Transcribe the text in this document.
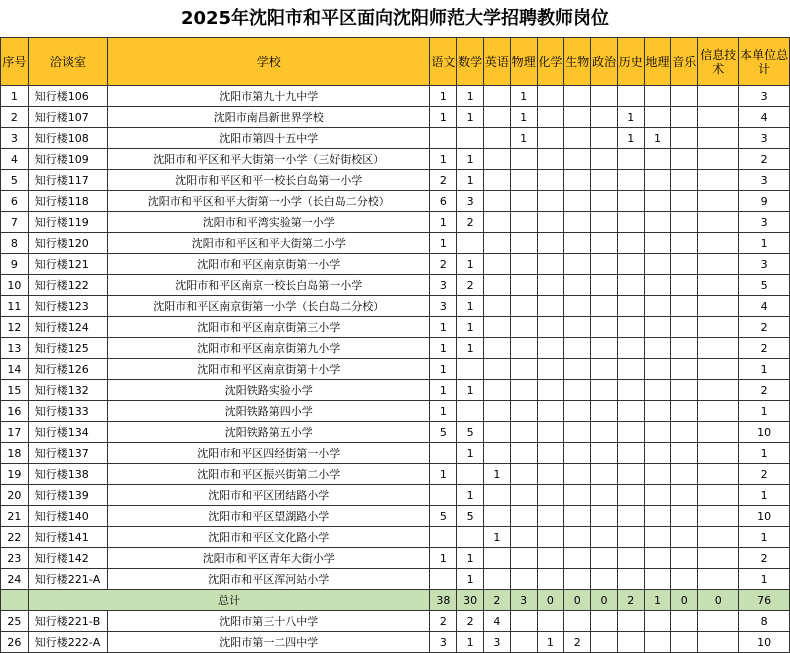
2025年沈阳市和平区面向沈阳师范大学招聘教师岗位
序号	洽谈室	学校	语文	数学	英语	物理	化学	生物	政治	历史	地理	音乐	信息技术	本单位总计
1	知行楼106	沈阳市第九十九中学	1	1		1								3
2	知行楼107	沈阳市南昌新世界学校	1	1		1				1				4
3	知行楼108	沈阳市第四十五中学				1				1	1			3
4	知行楼109	沈阳市和平区和平大街第一小学（三好街校区）	1	1										2
5	知行楼117	沈阳市和平区和平一校长白岛第一小学	2	1										3
6	知行楼118	沈阳市和平区和平大街第一小学（长白岛二分校）	6	3										9
7	知行楼119	沈阳市和平湾实验第一小学	1	2										3
8	知行楼120	沈阳市和平区和平大街第二小学	1											1
9	知行楼121	沈阳市和平区南京街第一小学	2	1										3
10	知行楼122	沈阳市和平区南京一校长白岛第一小学	3	2										5
11	知行楼123	沈阳市和平区南京街第一小学（长白岛二分校）	3	1										4
12	知行楼124	沈阳市和平区南京街第三小学	1	1										2
13	知行楼125	沈阳市和平区南京街第九小学	1	1										2
14	知行楼126	沈阳市和平区南京街第十小学	1											1
15	知行楼132	沈阳铁路实验小学	1	1										2
16	知行楼133	沈阳铁路第四小学	1											1
17	知行楼134	沈阳铁路第五小学	5	5										10
18	知行楼137	沈阳市和平区四经街第一小学		1										1
19	知行楼138	沈阳市和平区振兴街第二小学	1		1									2
20	知行楼139	沈阳市和平区团结路小学		1										1
21	知行楼140	沈阳市和平区望湖路小学	5	5										10
22	知行楼141	沈阳市和平区文化路小学			1									1
23	知行楼142	沈阳市和平区青年大街小学	1	1										2
24	知行楼221-A	沈阳市和平区浑河站小学		1										1
	总计		38	30	2	3	0	0	0	2	1	0	0	76
25	知行楼221-B	沈阳市第三十八中学	2	2	4									8
26	知行楼222-A	沈阳市第一二四中学	3	1	3		1	2						10
